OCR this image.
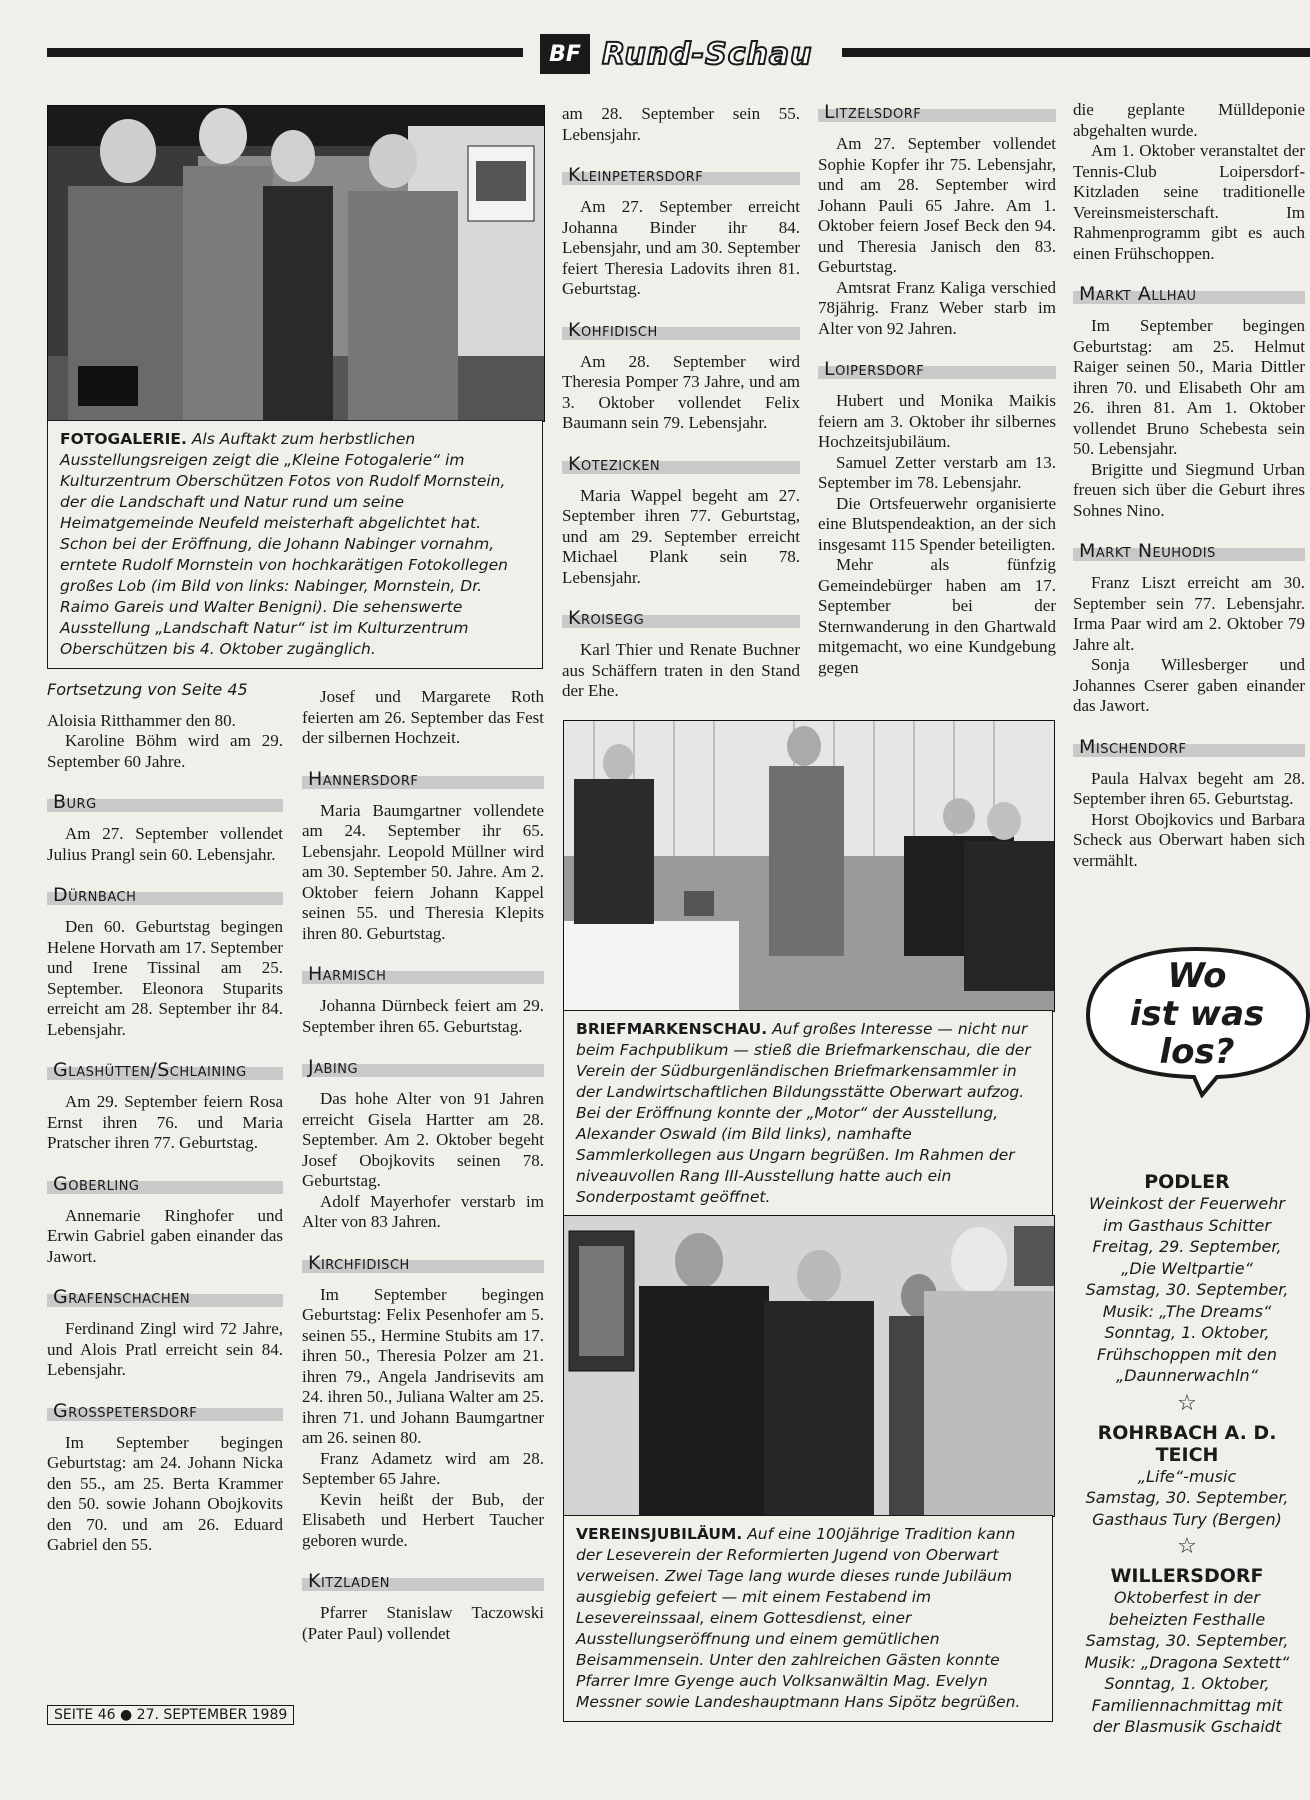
BF Rund-Schau
FOTOGALERIE. Als Auftakt zum herbstlichen Ausstellungsreigen zeigt die „Kleine Fotogalerie“ im Kulturzentrum Oberschützen Fotos von Rudolf Mornstein, der die Landschaft und Natur rund um seine Heimatgemeinde Neufeld meisterhaft abgelichtet hat. Schon bei der Eröffnung, die Johann Nabinger vornahm, erntete Rudolf Mornstein von hochkarätigen Fotokollegen großes Lob (im Bild von links: Nabinger, Mornstein, Dr. Raimo Gareis und Walter Benigni). Die sehenswerte Ausstellung „Landschaft Natur“ ist im Kulturzentrum Oberschützen bis 4. Oktober zugänglich.
Fortsetzung von Seite 45

Aloisia Ritthammer den 80.

Karoline Böhm wird am 29. September 60 Jahre.

Burg

Am 27. September vollendet Julius Prangl sein 60. Lebensjahr.

Dürnbach

Den 60. Geburtstag begingen Helene Horvath am 17. September und Irene Tissinal am 25. September. Eleonora Stuparits erreicht am 28. September ihr 84. Lebensjahr.

Glashütten/Schlaining

Am 29. September feiern Rosa Ernst ihren 76. und Maria Pratscher ihren 77. Geburtstag.

Goberling

Annemarie Ringhofer und Erwin Gabriel gaben einander das Jawort.

Grafenschachen

Ferdinand Zingl wird 72 Jahre, und Alois Pratl erreicht sein 84. Lebensjahr.

Grosspetersdorf

Im September begingen Geburtstag: am 24. Johann Nicka den 55., am 25. Berta Krammer den 50. sowie Johann Obojkovits den 70. und am 26. Eduard Gabriel den 55.

Josef und Margarete Roth feierten am 26. September das Fest der silbernen Hochzeit.

Hannersdorf

Maria Baumgartner vollendete am 24. September ihr 65. Lebensjahr. Leopold Müllner wird am 30. September 50. Jahre. Am 2. Oktober feiern Johann Kappel seinen 55. und Theresia Klepits ihren 80. Geburtstag.

Harmisch

Johanna Dürnbeck feiert am 29. September ihren 65. Geburtstag.

Jabing

Das hohe Alter von 91 Jahren erreicht Gisela Hartter am 28. September. Am 2. Oktober begeht Josef Obojkovits seinen 78. Geburtstag.

Adolf Mayerhofer verstarb im Alter von 83 Jahren.

Kirchfidisch

Im September begingen Geburtstag: Felix Pesenhofer am 5. seinen 55., Hermine Stubits am 17. ihren 50., Theresia Polzer am 21. ihren 79., Angela Jandrisevits am 24. ihren 50., Juliana Walter am 25. ihren 71. und Johann Baumgartner am 26. seinen 80.

Franz Adametz wird am 28. September 65 Jahre.

Kevin heißt der Bub, der Elisabeth und Herbert Taucher geboren wurde.

Kitzladen

Pfarrer Stanislaw Taczowski (Pater Paul) vollendet

am 28. September sein 55. Lebensjahr.

Kleinpetersdorf

Am 27. September erreicht Johanna Binder ihr 84. Lebensjahr, und am 30. September feiert Theresia Ladovits ihren 81. Geburtstag.

Kohfidisch

Am 28. September wird Theresia Pomper 73 Jahre, und am 3. Oktober vollendet Felix Baumann sein 79. Lebensjahr.

Kotezicken

Maria Wappel begeht am 27. September ihren 77. Geburtstag, und am 29. September erreicht Michael Plank sein 78. Lebensjahr.

Kroisegg

Karl Thier und Renate Buchner aus Schäffern traten in den Stand der Ehe.

Litzelsdorf

Am 27. September vollendet Sophie Kopfer ihr 75. Lebensjahr, und am 28. September wird Johann Pauli 65 Jahre. Am 1. Oktober feiern Josef Beck den 94. und Theresia Janisch den 83. Geburtstag.

Amtsrat Franz Kaliga verschied 78jährig. Franz Weber starb im Alter von 92 Jahren.

Loipersdorf

Hubert und Monika Maikis feiern am 3. Oktober ihr silbernes Hochzeitsjubiläum.

Samuel Zetter verstarb am 13. September im 78. Lebensjahr.

Die Ortsfeuerwehr organisierte eine Blutspendeaktion, an der sich insgesamt 115 Spender beteiligten.

Mehr als fünfzig Gemeindebürger haben am 17. September bei der Sternwanderung in den Ghartwald mitgemacht, wo eine Kundgebung gegen

die geplante Mülldeponie abgehalten wurde.

Am 1. Oktober veranstaltet der Tennis-Club Loipersdorf-Kitzladen seine traditionelle Vereinsmeisterschaft. Im Rahmenprogramm gibt es auch einen Frühschoppen.

Markt Allhau

Im September begingen Geburtstag: am 25. Helmut Raiger seinen 50., Maria Dittler ihren 70. und Elisabeth Ohr am 26. ihren 81. Am 1. Oktober vollendet Bruno Schebesta sein 50. Lebensjahr.

Brigitte und Siegmund Urban freuen sich über die Geburt ihres Sohnes Nino.

Markt Neuhodis

Franz Liszt erreicht am 30. September sein 77. Lebensjahr. Irma Paar wird am 2. Oktober 79 Jahre alt.

Sonja Willesberger und Johannes Cserer gaben einander das Jawort.

Mischendorf

Paula Halvax begeht am 28. September ihren 65. Geburtstag.

Horst Obojkovics und Barbara Scheck aus Oberwart haben sich vermählt.

BRIEFMARKENSCHAU. Auf großes Interesse — nicht nur beim Fachpublikum — stieß die Briefmarkenschau, die der Verein der Südburgenländischen Briefmarkensammler in der Landwirtschaftlichen Bildungsstätte Oberwart aufzog. Bei der Eröffnung konnte der „Motor“ der Ausstellung, Alexander Oswald (im Bild links), namhafte Sammlerkollegen aus Ungarn begrüßen. Im Rahmen der niveauvollen Rang III-Ausstellung hatte auch ein Sonderpostamt geöffnet.
VEREINSJUBILÄUM. Auf eine 100jährige Tradition kann der Leseverein der Reformierten Jugend von Oberwart verweisen. Zwei Tage lang wurde dieses runde Jubiläum ausgiebig gefeiert — mit einem Festabend im Lesevereinssaal, einem Gottesdienst, einer Ausstellungseröffnung und einem gemütlichen Beisammensein. Unter den zahlreichen Gästen konnte Pfarrer Imre Gyenge auch Volksanwältin Mag. Evelyn Messner sowie Landeshauptmann Hans Sipötz begrüßen.
Wo
ist was
los?
PODLER
Weinkost der Feuerwehr
im Gasthaus Schitter
Freitag, 29. September,
„Die Weltpartie“
Samstag, 30. September,
Musik: „The Dreams“
Sonntag, 1. Oktober,
Frühschoppen mit den
„Daunnerwachln“
☆
ROHRBACH A. D. TEICH
„Life“-music
Samstag, 30. September,
Gasthaus Tury (Bergen)
☆
WILLERSDORF
Oktoberfest in der
beheizten Festhalle
Samstag, 30. September,
Musik: „Dragona Sextett“
Sonntag, 1. Oktober,
Familiennachmittag mit
der Blasmusik Gschaidt
SEITE 46 ● 27. SEPTEMBER 1989
